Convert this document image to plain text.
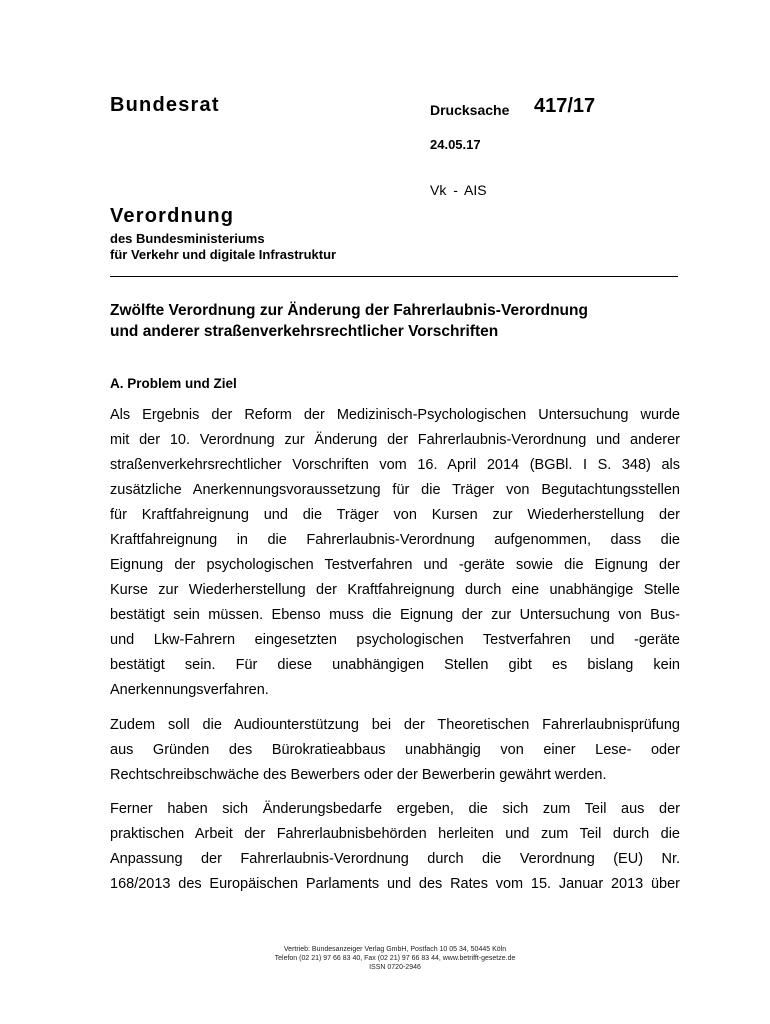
Bundesrat	Drucksache 417/17
24.05.17
Vk - AIS
Verordnung
des Bundesministeriums
für Verkehr und digitale Infrastruktur
Zwölfte Verordnung zur Änderung der Fahrerlaubnis-Verordnung
und anderer straßenverkehrsrechtlicher Vorschriften
A. Problem und Ziel
Als Ergebnis der Reform der Medizinisch-Psychologischen Untersuchung wurde
mit der 10. Verordnung zur Änderung der Fahrerlaubnis-Verordnung und anderer
straßenverkehrsrechtlicher Vorschriften vom 16. April 2014 (BGBl. I S. 348) als
zusätzliche Anerkennungsvoraussetzung für die Träger von Begutachtungsstellen
für Kraftfahreignung und die Träger von Kursen zur Wiederherstellung der
Kraftfahreignung in die Fahrerlaubnis-Verordnung aufgenommen, dass die
Eignung der psychologischen Testverfahren und -geräte sowie die Eignung der
Kurse zur Wiederherstellung der Kraftfahreignung durch eine unabhängige Stelle
bestätigt sein müssen. Ebenso muss die Eignung der zur Untersuchung von Bus-
und Lkw-Fahrern eingesetzten psychologischen Testverfahren und -geräte
bestätigt sein. Für diese unabhängigen Stellen gibt es bislang kein
Anerkennungsverfahren.
Zudem soll die Audiounterstützung bei der Theoretischen Fahrerlaubnisprüfung
aus Gründen des Bürokratieabbaus unabhängig von einer Lese- oder
Rechtschreibschwäche des Bewerbers oder der Bewerberin gewährt werden.
Ferner haben sich Änderungsbedarfe ergeben, die sich zum Teil aus der
praktischen Arbeit der Fahrerlaubnisbehörden herleiten und zum Teil durch die
Anpassung der Fahrerlaubnis-Verordnung durch die Verordnung (EU) Nr.
168/2013 des Europäischen Parlaments und des Rates vom 15. Januar 2013 über
Vertrieb: Bundesanzeiger Verlag GmbH, Postfach 10 05 34, 50445 Köln
Telefon (02 21) 97 66 83 40, Fax (02 21) 97 66 83 44, www.betrifft-gesetze.de
ISSN 0720-2946
